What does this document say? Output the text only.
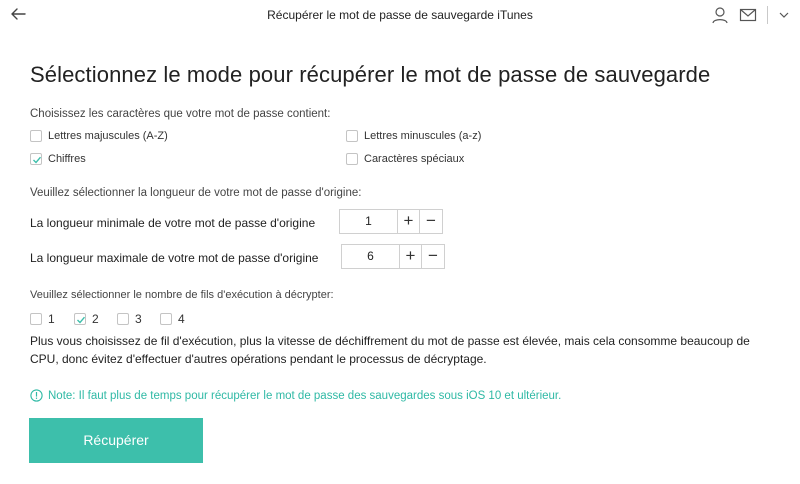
Récupérer le mot de passe de sauvegarde iTunes
Sélectionnez le mode pour récupérer le mot de passe de sauvegarde
Choisissez les caractères que votre mot de passe contient:
Lettres majuscules (A-Z)	Lettres minuscules (a-z)
Chiffres	Caractères spéciaux
Veuillez sélectionner la longueur de votre mot de passe d'origine:
La longueur minimale de votre mot de passe d'origine	1	+ −
La longueur maximale de votre mot de passe d'origine	6	+ −
Veuillez sélectionner le nombre de fils d'exécution à décrypter:
1	2	3	4
Plus vous choisissez de fil d'exécution, plus la vitesse de déchiffrement du mot de passe est élevée, mais cela consomme beaucoup de CPU, donc évitez d'effectuer d'autres opérations pendant le processus de décryptage.
Note: Il faut plus de temps pour récupérer le mot de passe des sauvegardes sous iOS 10 et ultérieur.
Récupérer
